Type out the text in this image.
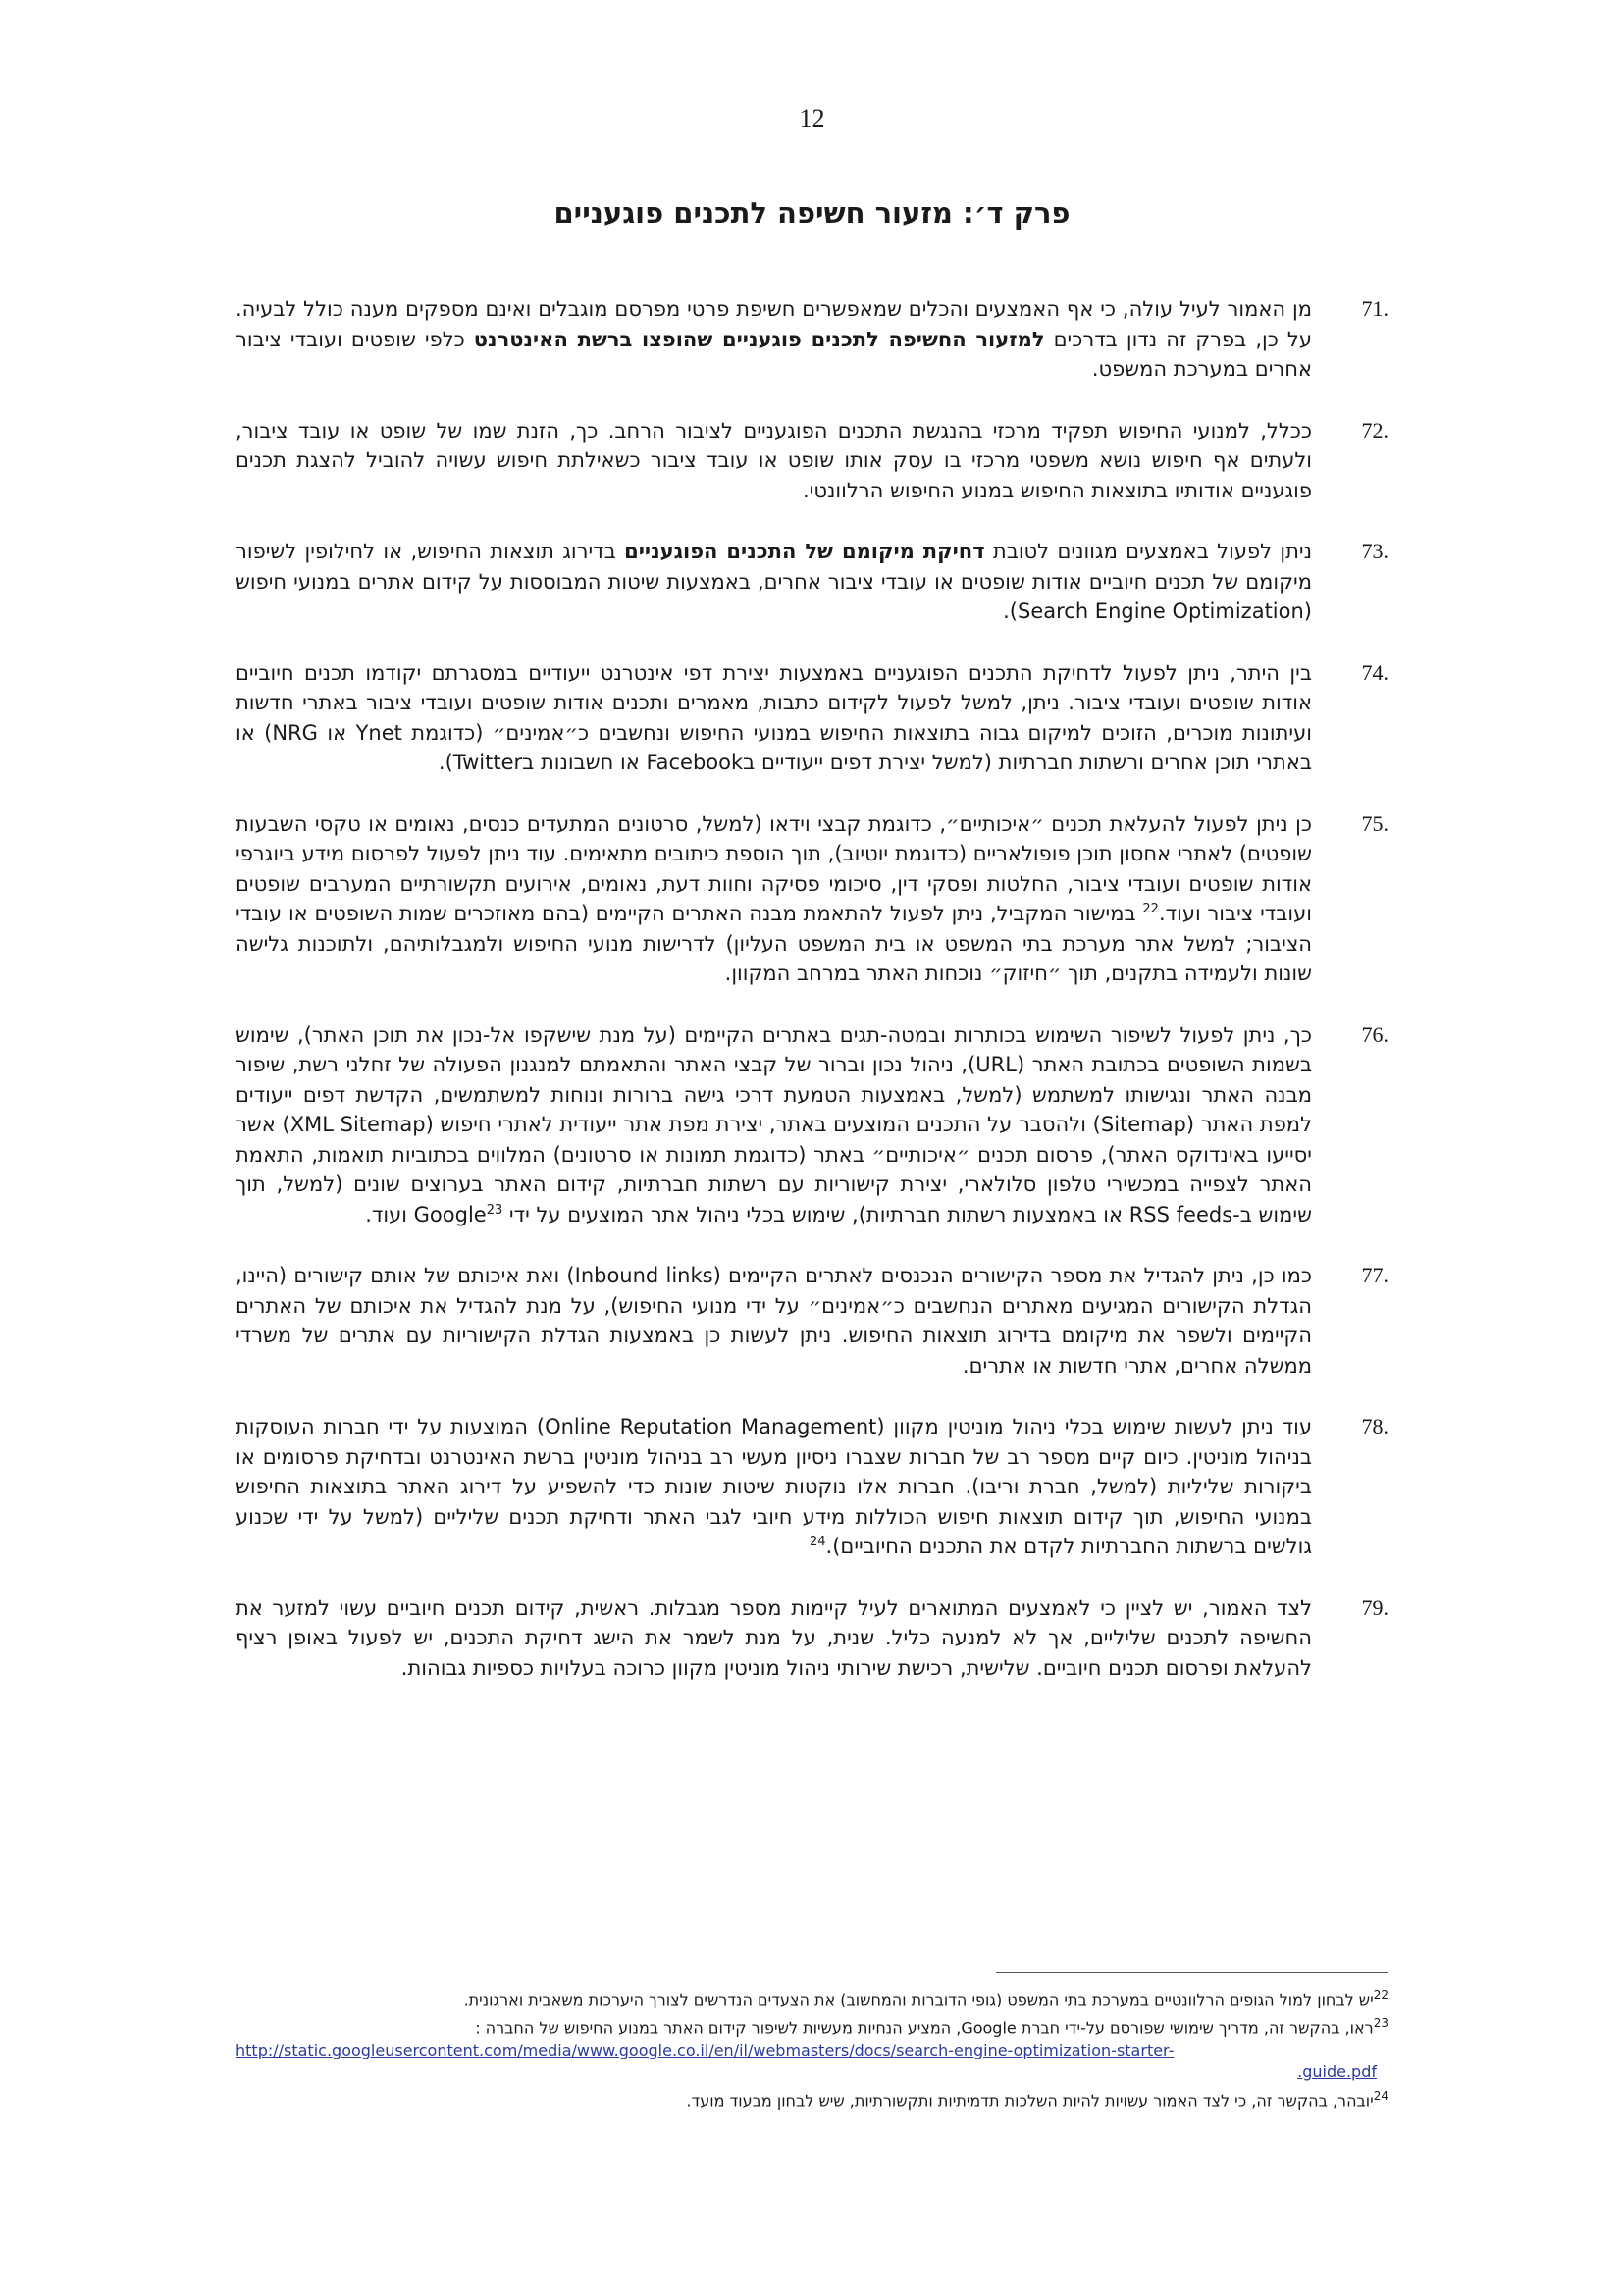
12
פרק ד׳: מזעור חשיפה לתכנים פוגעניים

71.
מן האמור לעיל עולה, כי אף האמצעים והכלים שמאפשרים חשיפת פרטי מפרסם מוגבלים ואינם מספקים מענה כולל לבעיה. על כן, בפרק זה נדון בדרכים למזעור החשיפה לתכנים פוגעניים שהופצו ברשת האינטרנט כלפי שופטים ועובדי ציבור אחרים במערכת המשפט.

72.
ככלל, למנועי החיפוש תפקיד מרכזי בהנגשת התכנים הפוגעניים לציבור הרחב. כך, הזנת שמו של שופט או עובד ציבור, ולעתים אף חיפוש נושא משפטי מרכזי בו עסק אותו שופט או עובד ציבור כשאילתת חיפוש עשויה להוביל להצגת תכנים פוגעניים אודותיו בתוצאות החיפוש במנוע החיפוש הרלוונטי.

73.
ניתן לפעול באמצעים מגוונים לטובת דחיקת מיקומם של התכנים הפוגעניים בדירוג תוצאות החיפוש, או לחילופין לשיפור מיקומם של תכנים חיוביים אודות שופטים או עובדי ציבור אחרים, באמצעות שיטות המבוססות על קידום אתרים במנועי חיפוש (Search Engine Optimization).

74.
בין היתר, ניתן לפעול לדחיקת התכנים הפוגעניים באמצעות יצירת דפי אינטרנט ייעודיים במסגרתם יקודמו תכנים חיוביים אודות שופטים ועובדי ציבור. ניתן, למשל לפעול לקידום כתבות, מאמרים ותכנים אודות שופטים ועובדי ציבור באתרי חדשות ועיתונות מוכרים, הזוכים למיקום גבוה בתוצאות החיפוש במנועי החיפוש ונחשבים כ״אמינים״ (כדוגמת Ynet או NRG) או באתרי תוכן אחרים ורשתות חברתיות (למשל יצירת דפים ייעודיים בFacebook או חשבונות בTwitter).

75.
כן ניתן לפעול להעלאת תכנים ״איכותיים״, כדוגמת קבצי וידאו (למשל, סרטונים המתעדים כנסים, נאומים או טקסי השבעות שופטים) לאתרי אחסון תוכן פופולאריים (כדוגמת יוטיוב), תוך הוספת כיתובים מתאימים. עוד ניתן לפעול לפרסום מידע ביוגרפי אודות שופטים ועובדי ציבור, החלטות ופסקי דין, סיכומי פסיקה וחוות דעת, נאומים, אירועים תקשורתיים המערבים שופטים ועובדי ציבור ועוד.$^{22}$ במישור המקביל, ניתן לפעול להתאמת מבנה האתרים הקיימים (בהם מאוזכרים שמות השופטים או עובדי הציבור; למשל אתר מערכת בתי המשפט או בית המשפט העליון) לדרישות מנועי החיפוש ולמגבלותיהם, ולתוכנות גלישה שונות ולעמידה בתקנים, תוך ״חיזוק״ נוכחות האתר במרחב המקוון.

76.
כך, ניתן לפעול לשיפור השימוש בכותרות ובמטה-תגים באתרים הקיימים (על מנת שישקפו אל-נכון את תוכן האתר), שימוש בשמות השופטים בכתובת האתר (URL), ניהול נכון וברור של קבצי האתר והתאמתם למנגנון הפעולה של זחלני רשת, שיפור מבנה האתר ונגישותו למשתמש (למשל, באמצעות הטמעת דרכי גישה ברורות ונוחות למשתמשים, הקדשת דפים ייעודים למפת האתר (Sitemap) ולהסבר על התכנים המוצעים באתר, יצירת מפת אתר ייעודית לאתרי חיפוש (XML Sitemap) אשר יסייעו באינדוקס האתר), פרסום תכנים ״איכותיים״ באתר (כדוגמת תמונות או סרטונים) המלווים בכתוביות תואמות, התאמת האתר לצפייה במכשירי טלפון סלולארי, יצירת קישוריות עם רשתות חברתיות, קידום האתר בערוצים שונים (למשל, תוך שימוש ב-RSS feeds או באמצעות רשתות חברתיות), שימוש בכלי ניהול אתר המוצעים על ידי Google$^{23}$ ועוד.

77.
כמו כן, ניתן להגדיל את מספר הקישורים הנכנסים לאתרים הקיימים (Inbound links) ואת איכותם של אותם קישורים (היינו, הגדלת הקישורים המגיעים מאתרים הנחשבים כ״אמינים״ על ידי מנועי החיפוש), על מנת להגדיל את איכותם של האתרים הקיימים ולשפר את מיקומם בדירוג תוצאות החיפוש. ניתן לעשות כן באמצעות הגדלת הקישוריות עם אתרים של משרדי ממשלה אחרים, אתרי חדשות או אתרים.

78.
עוד ניתן לעשות שימוש בכלי ניהול מוניטין מקוון (Online Reputation Management) המוצעות על ידי חברות העוסקות בניהול מוניטין. כיום קיים מספר רב של חברות שצברו ניסיון מעשי רב בניהול מוניטין ברשת האינטרנט ובדחיקת פרסומים או ביקורות שליליות (למשל, חברת וריבו). חברות אלו נוקטות שיטות שונות כדי להשפיע על דירוג האתר בתוצאות החיפוש במנועי החיפוש, תוך קידום תוצאות חיפוש הכוללות מידע חיובי לגבי האתר ודחיקת תכנים שליליים (למשל על ידי שכנוע גולשים ברשתות החברתיות לקדם את התכנים החיוביים).$^{24}$

79.
לצד האמור, יש לציין כי לאמצעים המתוארים לעיל קיימות מספר מגבלות. ראשית, קידום תכנים חיוביים עשוי למזער את החשיפה לתכנים שליליים, אך לא למנעה כליל. שנית, על מנת לשמר את הישג דחיקת התכנים, יש לפעול באופן רציף להעלאת ופרסום תכנים חיוביים. שלישית, רכישת שירותי ניהול מוניטין מקוון כרוכה בעלויות כספיות גבוהות.

$^{22}$יש לבחון למול הגופים הרלוונטיים במערכת בתי המשפט (גופי הדוברות והמחשוב) את הצעדים הנדרשים לצורך היערכות משאבית וארגונית.

$^{23}$ראו, בהקשר זה, מדריך שימושי שפורסם על-ידי חברת Google, המציע הנחיות מעשיות לשיפור קידום האתר במנוע החיפוש של החברה :
http://static.googleusercontent.com/media/www.google.co.il/en/il/webmasters/docs/search-engine-optimization-starter-
guide.pdf.

$^{24}$יובהר, בהקשר זה, כי לצד האמור עשויות להיות השלכות תדמיתיות ותקשורתיות, שיש לבחון מבעוד מועד.
